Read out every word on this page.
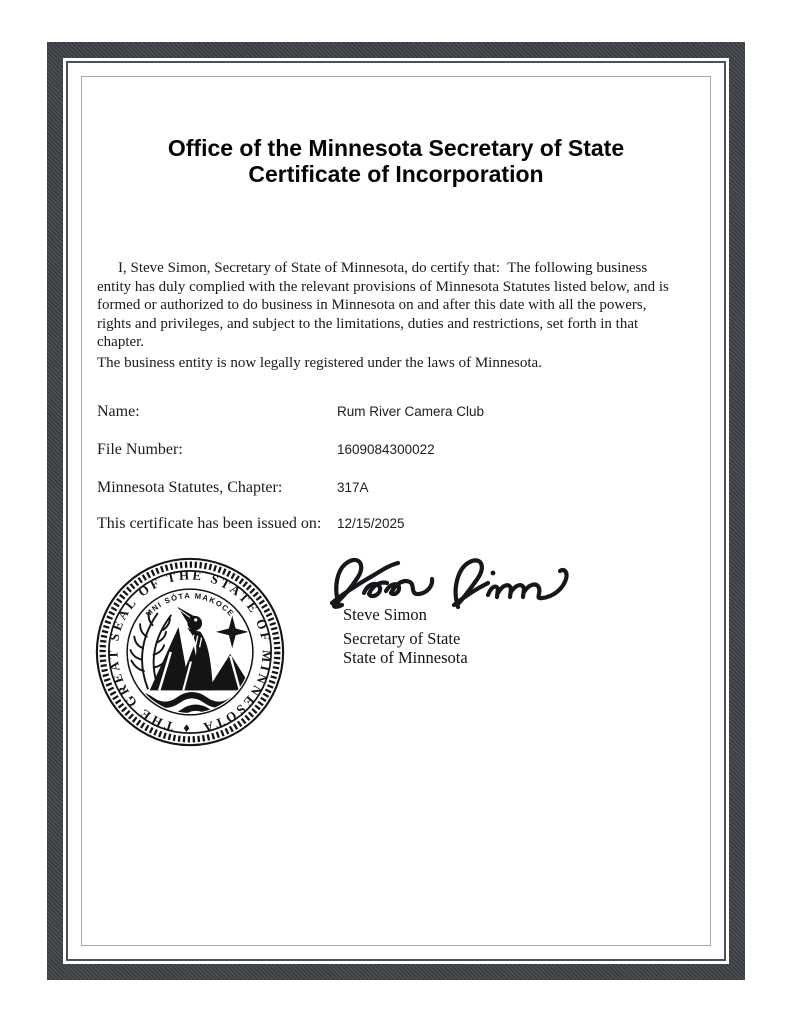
Office of the Minnesota Secretary of State
Certificate of Incorporation
I, Steve Simon, Secretary of State of Minnesota, do certify that:  The following business entity has duly complied with the relevant provisions of Minnesota Statutes listed below, and is formed or authorized to do business in Minnesota on and after this date with all the powers, rights and privileges, and subject to the limitations, duties and restrictions, set forth in that chapter.
The business entity is now legally registered under the laws of Minnesota.
Name:	Rum River Camera Club
File Number:	1609084300022
Minnesota Statutes, Chapter:	317A
This certificate has been issued on: 12/15/2025
♦ THE GREAT SEAL OF THE STATE OF MINNESOTA
MNI SÓTA MAKOCE	Steve Simon
Secretary of State
State of Minnesota
